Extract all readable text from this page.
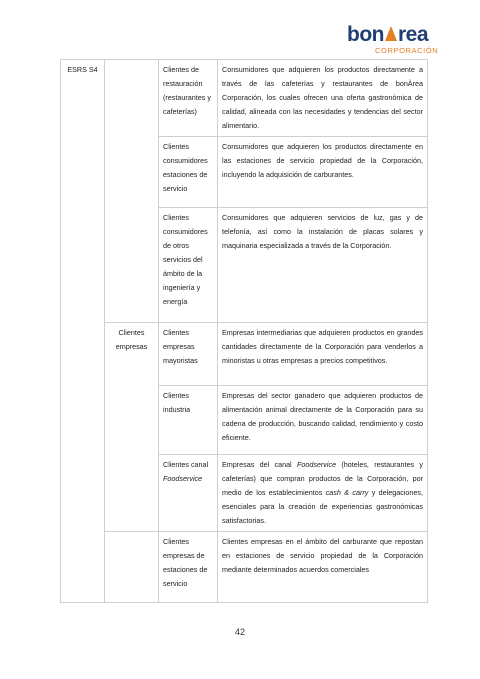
bon rea
CORPORACIÓN
ESRS S4		Clientes de restauración (restaurantes y cafeterías)	Consumidores que adquieren los productos directamente a través de las cafeterías y restaurantes de bonÀrea Corporación, los cuales ofrecen una oferta gastronómica de calidad, alineada con las necesidades y tendencias del sector alimentario.
		Clientes consumidores estaciones de servicio	Consumidores que adquieren los productos directamente en las estaciones de servicio propiedad de la Corporación, incluyendo la adquisición de carburantes.
		Clientes consumidores de otros servicios del ámbito de la ingeniería y energía	Consumidores que adquieren servicios de luz, gas y de telefonía, así como la instalación de placas solares y maquinaria especializada a través de la Corporación.
	Clientes empresas	Clientes empresas mayoristas	Empresas intermediarias que adquieren productos en grandes cantidades directamente de la Corporación para venderlos a minoristas u otras empresas a precios competitivos.
		Clientes industria	Empresas del sector ganadero que adquieren productos de alimentación animal directamente de la Corporación para su cadena de producción, buscando calidad, rendimiento y costo eficiente.
		Clientes canal Foodservice	Empresas del canal Foodservice (hoteles, restaurantes y cafeterías) que compran productos de la Corporación, por medio de los establecimientos cash & carry y delegaciones, esenciales para la creación de experiencias gastronómicas satisfactorias.
		Clientes empresas de estaciones de servicio	Clientes empresas en el ámbito del carburante que repostan en estaciones de servicio propiedad de la Corporación mediante determinados acuerdos comerciales
42
